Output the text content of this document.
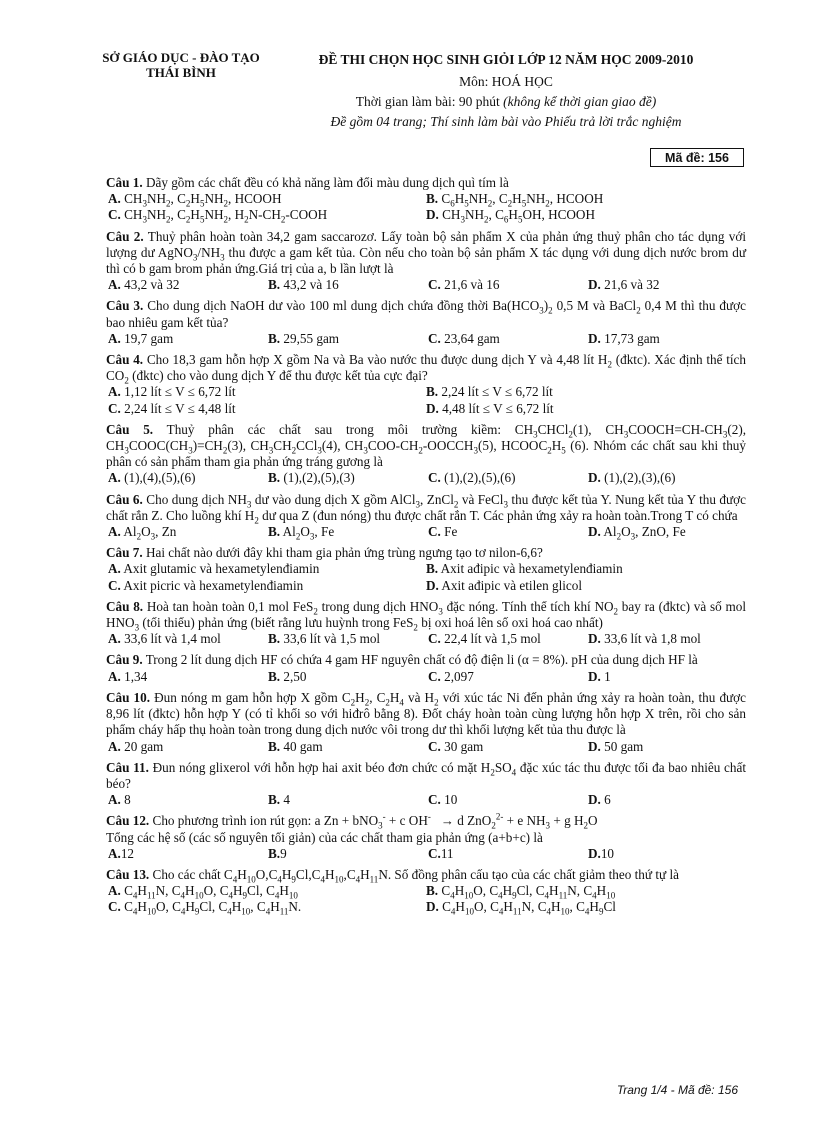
SỞ GIÁO DỤC - ĐÀO TẠO
THÁI BÌNH
ĐỀ THI CHỌN HỌC SINH GIỎI LỚP 12 NĂM HỌC 2009-2010
Môn: HOÁ HỌC
Thời gian làm bài: 90 phút (không kể thời gian giao đề)
Đề gồm 04 trang; Thí sinh làm bài vào Phiếu trả lời trắc nghiệm
Mã đề: 156
Câu 1. Dãy gồm các chất đều có khả năng làm đổi màu dung dịch quì tím là
A. $CH_3NH_2$, $C_2H_5NH_2$, HCOOH	B. $C_6H_5NH_2$, $C_2H_5NH_2$, HCOOH
C. $CH_3NH_2$, $C_2H_5NH_2$, $H_2N-CH_2$-COOH	D. $CH_3NH_2$, $C_6H_5OH$, HCOOH
Câu 2. Thuỷ phân hoàn toàn 34,2 gam saccarozơ. Lấy toàn bộ sản phẩm X của phản ứng thuỷ phân cho tác dụng với lượng dư $AgNO_3/NH_3$ thu được a gam kết tủa. Còn nếu cho toàn bộ sản phẩm X tác dụng với dung dịch nước brom dư thì có b gam brom phản ứng.Giá trị của a, b lần lượt là
A. 43,2 và 32	B. 43,2 và 16	C. 21,6 và 16	D. 21,6 và 32
Câu 3. Cho dung dịch NaOH dư vào 100 ml dung dịch chứa đồng thời $Ba(HCO_3)_2$ 0,5 M và BaCl$_2$ 0,4 M thì thu được bao nhiêu gam kết tủa?
A. 19,7 gam	B. 29,55 gam	C. 23,64 gam	D. 17,73 gam
Câu 4. Cho 18,3 gam hỗn hợp X gồm Na và Ba vào nước thu được dung dịch Y và 4,48 lít $H_2$ (đktc). Xác định thể tích $CO_2$ (đktc) cho vào dung dịch Y để thu được kết tủa cực đại?
A. 1,12 lít ≤ V ≤ 6,72 lít	B. 2,24 lít ≤ V ≤ 6,72 lít
C. 2,24 lít ≤ V ≤ 4,48 lít	D. 4,48 lít ≤ V ≤ 6,72 lít
Câu 5. Thuỷ phân các chất sau trong môi trường kiềm: $CH_3CHCl_2(1)$, $CH_3COOCH=CH-CH_3(2)$, $CH_3COOC(CH_3)=CH_2(3)$, $CH_3CH_2CCl_3(4)$, $CH_3COO-CH_2-OOCCH_3(5)$, $HCOOC_2H_5$ (6). Nhóm các chất sau khi thuỷ phân có sản phẩm tham gia phản ứng tráng gương là
A. (1),(4),(5),(6)	B. (1),(2),(5),(3)	C. (1),(2),(5),(6)	D. (1),(2),(3),(6)
Câu 6. Cho dung dịch $NH_3$ dư vào dung dịch X gồm AlCl$_3$, ZnCl$_2$ và FeCl$_3$ thu được kết tủa Y. Nung kết tủa Y thu được chất rắn Z. Cho luồng khí $H_2$ dư qua Z (đun nóng) thu được chất rắn T. Các phản ứng xảy ra hoàn toàn.Trong T có chứa
A. $Al_2O_3$, Zn	B. $Al_2O_3$, Fe	C. Fe	D. $Al_2O_3$, ZnO, Fe
Câu 7. Hai chất nào dưới đây khi tham gia phản ứng trùng ngưng tạo tơ nilon-6,6?
A. Axit glutamic và hexametylenđiamin	B. Axit ađipic và hexametylenđiamin
C. Axit picric và hexametylenđiamin	D. Axit ađipic và etilen glicol
Câu 8. Hoà tan hoàn toàn 0,1 mol FeS$_2$ trong dung dịch $HNO_3$ đặc nóng. Tính thể tích khí $NO_2$ bay ra (đktc) và số mol $HNO_3$ (tối thiểu) phản ứng (biết rằng lưu huỳnh trong FeS$_2$ bị oxi hoá lên số oxi hoá cao nhất)
A. 33,6 lít và 1,4 mol	B. 33,6 lít và 1,5 mol	C. 22,4 lít và 1,5 mol	D. 33,6 lít và 1,8 mol
Câu 9. Trong 2 lít dung dịch HF có chứa 4 gam HF nguyên chất có độ điện li (α = 8%). pH của dung dịch HF là
A. 1,34	B. 2,50	C. 2,097	D. 1
Câu 10. Đun nóng m gam hỗn hợp X gồm $C_2H_2$, $C_2H_4$ và $H_2$ với xúc tác Ni đến phản ứng xảy ra hoàn toàn, thu được 8,96 lít (đktc) hỗn hợp Y (có tỉ khối so với hiđrô bằng 8). Đốt cháy hoàn toàn cùng lượng hỗn hợp X trên, rồi cho sản phẩm cháy hấp thụ hoàn toàn trong dung dịch nước vôi trong dư thì khối lượng kết tủa thu được là
A. 20 gam	B. 40 gam	C. 30 gam	D. 50 gam
Câu 11. Đun nóng glixerol với hỗn hợp hai axit béo đơn chức có mặt $H_2SO_4$ đặc xúc tác thu được tối đa bao nhiêu chất béo?
A. 8	B. 4	C. 10	D. 6
Câu 12. Cho phương trình ion rút gọn: a Zn + bNO$_3$- + c OH-   → d ZnO$_2^{2-}$ + e $NH_3 + g$ $H_2O$
Tổng các hệ số (các số nguyên tối giản) của các chất tham gia phản ứng (a+b+c) là
A.12	B.9	C.11	D.10
Câu 13. Cho các chất $C_4H_{10}O,C_4H_9Cl,C_4H_{10},C_4H_{11}N$. Số đồng phân cấu tạo của các chất giảm theo thứ tự là
A. $C_4H_{11}N$, $C_4H_{10}O$, $C_4H_9Cl$, $C_4H_{10}$	B. $C_4H_{10}O$, $C_4H_9Cl$, $C_4H_{11}N$, $C_4H_{10}$
C. $C_4H_{10}O$, $C_4H_9Cl$, $C_4H_{10}$, $C_4H_{11}N$.	D. $C_4H_{10}O$, $C_4H_{11}N$, $C_4H_{10}$, $C_4H_9Cl$
Trang 1/4 - Mã đề: 156
